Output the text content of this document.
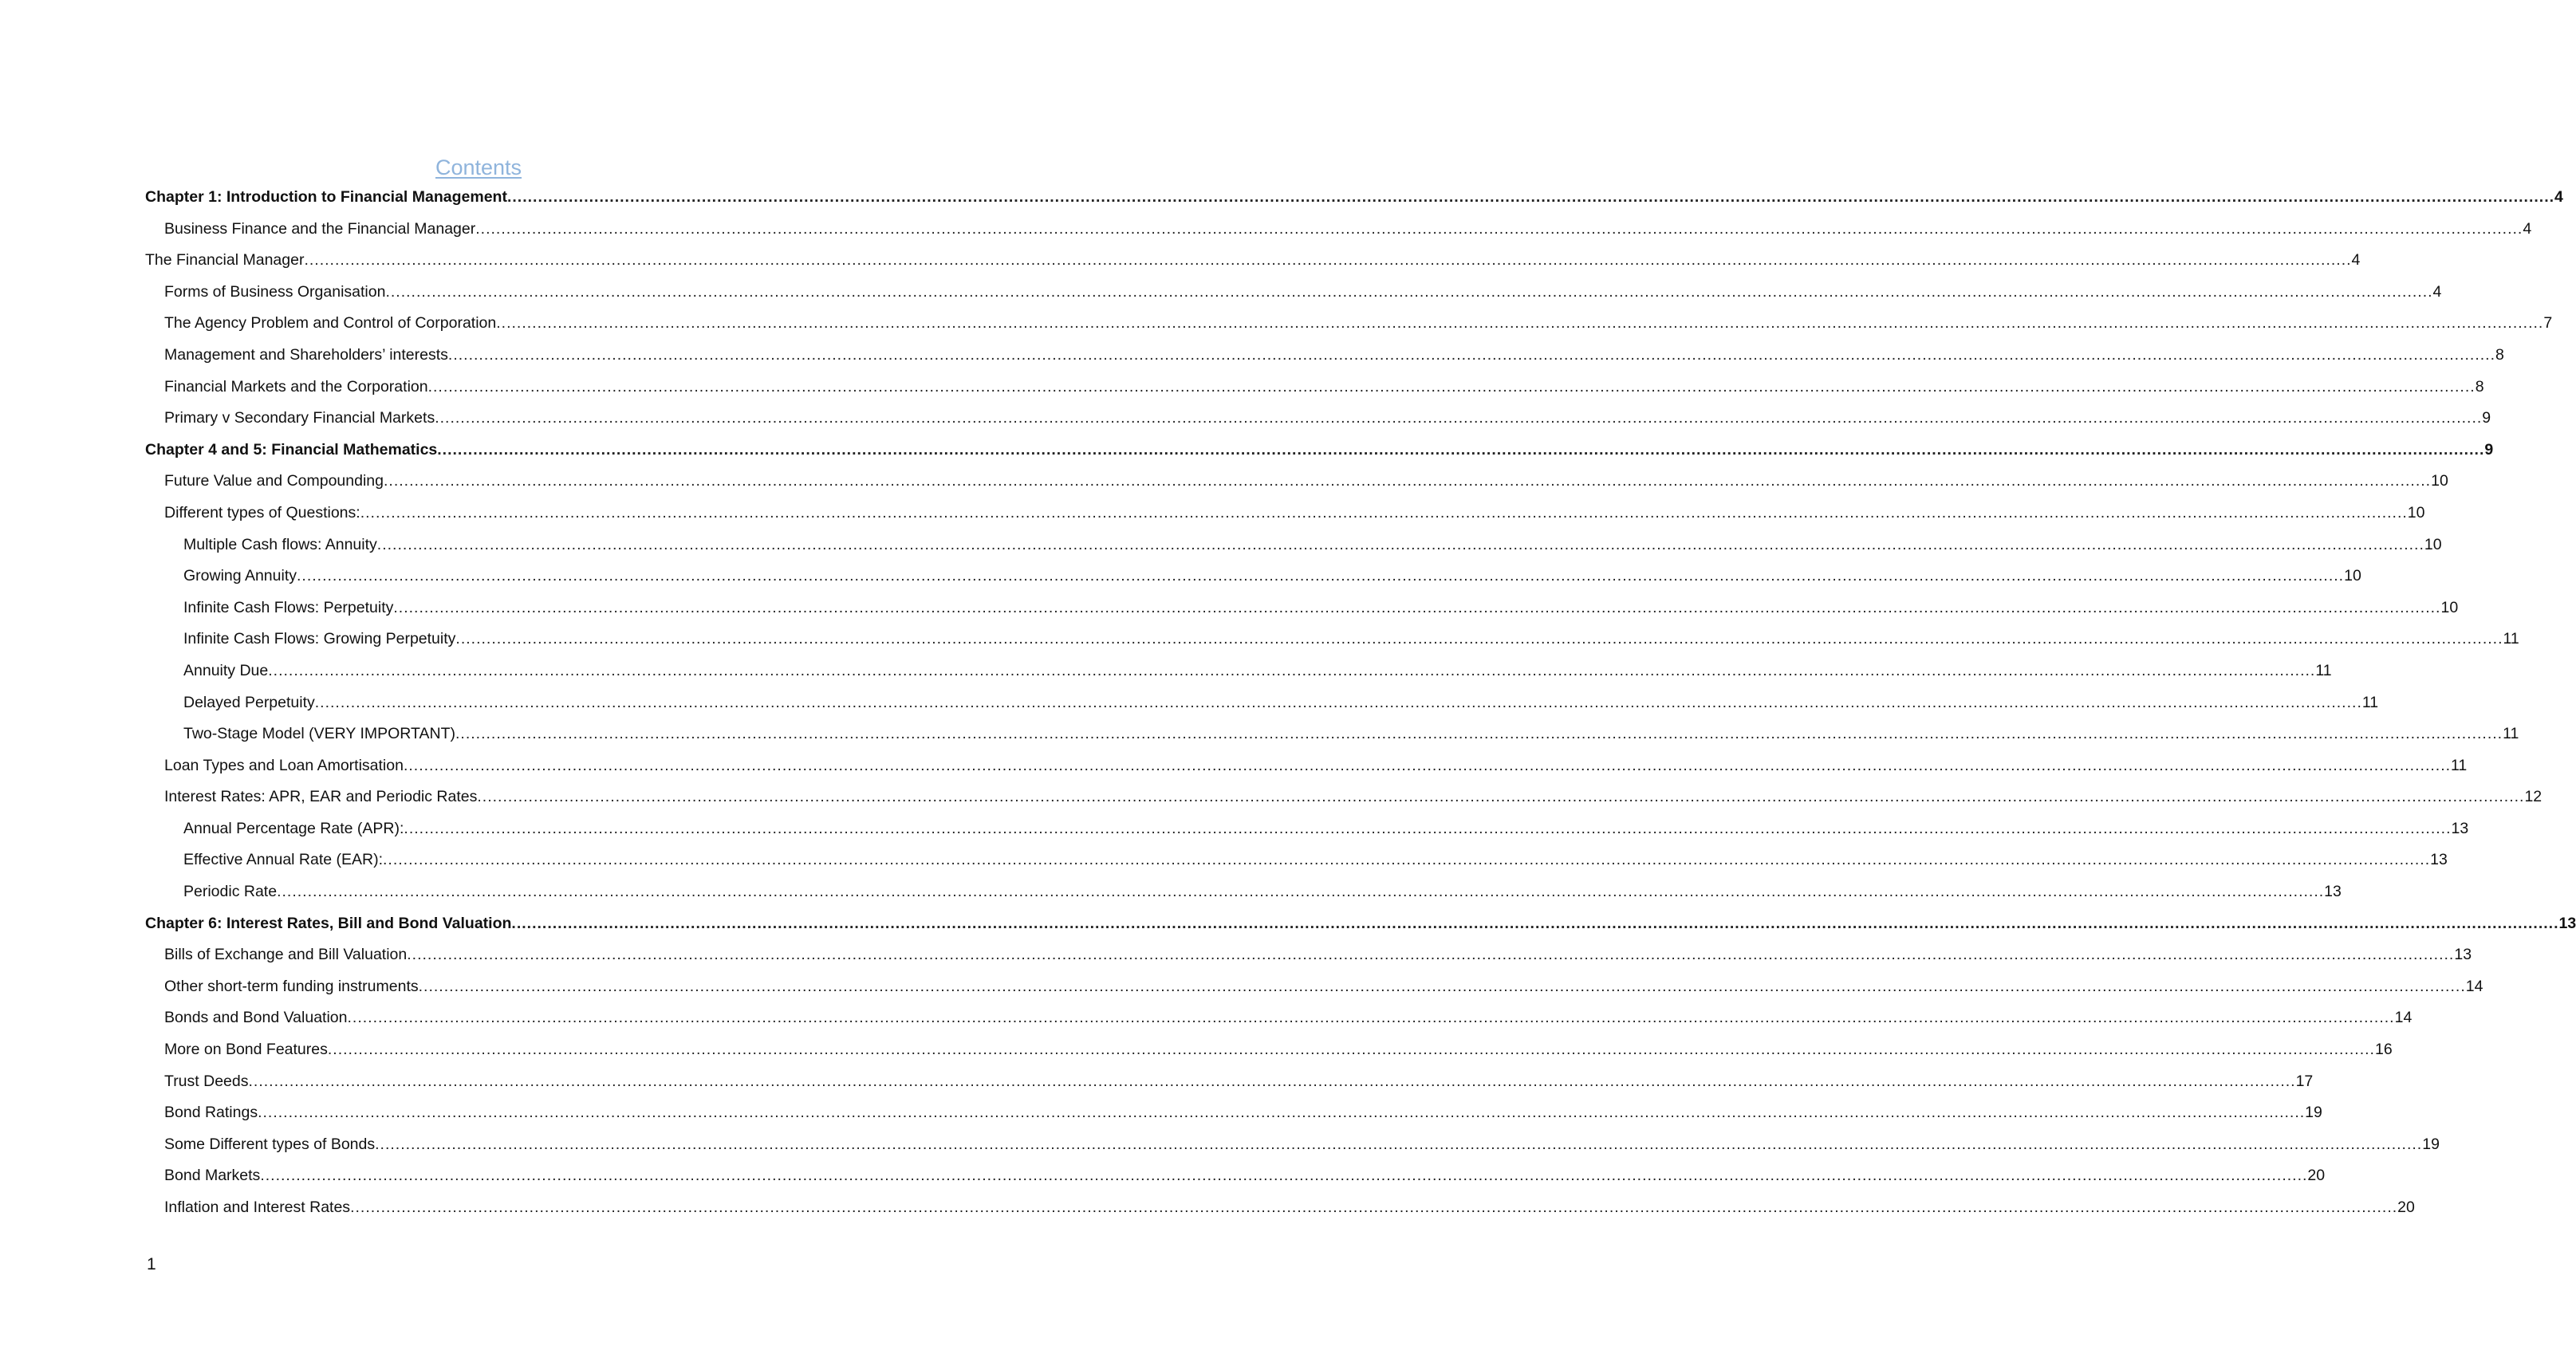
Contents
Chapter 1: Introduction to Financial Management ................................................................................................................................................................................................................................................................................................................................................................................................................ 4
Business Finance and the Financial Manager ................................................................................................................................................................................................................................................................................................................................................................................................................ 4
The Financial Manager ................................................................................................................................................................................................................................................................................................................................................................................................................ 4
Forms of Business Organisation ................................................................................................................................................................................................................................................................................................................................................................................................................ 4
The Agency Problem and Control of Corporation ................................................................................................................................................................................................................................................................................................................................................................................................................ 7
Management and Shareholders’ interests ................................................................................................................................................................................................................................................................................................................................................................................................................ 8
Financial Markets and the Corporation ................................................................................................................................................................................................................................................................................................................................................................................................................ 8
Primary v Secondary Financial Markets ................................................................................................................................................................................................................................................................................................................................................................................................................ 9
Chapter 4 and 5: Financial Mathematics ................................................................................................................................................................................................................................................................................................................................................................................................................ 9
Future Value and Compounding ................................................................................................................................................................................................................................................................................................................................................................................................................ 10
Different types of Questions: ................................................................................................................................................................................................................................................................................................................................................................................................................ 10
Multiple Cash flows: Annuity ................................................................................................................................................................................................................................................................................................................................................................................................................ 10
Growing Annuity ................................................................................................................................................................................................................................................................................................................................................................................................................ 10
Infinite Cash Flows: Perpetuity ................................................................................................................................................................................................................................................................................................................................................................................................................ 10
Infinite Cash Flows: Growing Perpetuity ................................................................................................................................................................................................................................................................................................................................................................................................................ 11
Annuity Due ................................................................................................................................................................................................................................................................................................................................................................................................................ 11
Delayed Perpetuity ................................................................................................................................................................................................................................................................................................................................................................................................................ 11
Two-Stage Model (VERY IMPORTANT) ................................................................................................................................................................................................................................................................................................................................................................................................................ 11
Loan Types and Loan Amortisation ................................................................................................................................................................................................................................................................................................................................................................................................................ 11
Interest Rates: APR, EAR and Periodic Rates ................................................................................................................................................................................................................................................................................................................................................................................................................ 12
Annual Percentage Rate (APR): ................................................................................................................................................................................................................................................................................................................................................................................................................ 13
Effective Annual Rate (EAR): ................................................................................................................................................................................................................................................................................................................................................................................................................ 13
Periodic Rate ................................................................................................................................................................................................................................................................................................................................................................................................................ 13
Chapter 6: Interest Rates, Bill and Bond Valuation ................................................................................................................................................................................................................................................................................................................................................................................................................ 13
Bills of Exchange and Bill Valuation ................................................................................................................................................................................................................................................................................................................................................................................................................ 13
Other short-term funding instruments ................................................................................................................................................................................................................................................................................................................................................................................................................ 14
Bonds and Bond Valuation ................................................................................................................................................................................................................................................................................................................................................................................................................ 14
More on Bond Features ................................................................................................................................................................................................................................................................................................................................................................................................................ 16
Trust Deeds ................................................................................................................................................................................................................................................................................................................................................................................................................ 17
Bond Ratings ................................................................................................................................................................................................................................................................................................................................................................................................................ 19
Some Different types of Bonds ................................................................................................................................................................................................................................................................................................................................................................................................................ 19
Bond Markets ................................................................................................................................................................................................................................................................................................................................................................................................................ 20
Inflation and Interest Rates ................................................................................................................................................................................................................................................................................................................................................................................................................ 20
1
